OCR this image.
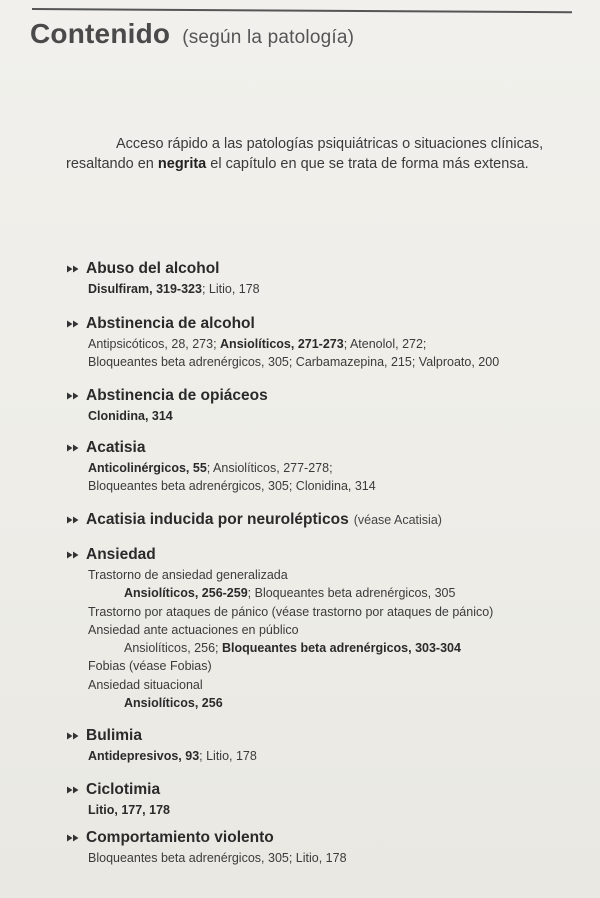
Contenido (según la patología)

Acceso rápido a las patologías psiquiátricas o situaciones clínicas,
resaltando en negrita el capítulo en que se trata de forma más extensa.

Abuso del alcohol
Disulfiram, 319-323; Litio, 178
Abstinencia de alcohol
Antipsicóticos, 28, 273; Ansiolíticos, 271-273; Atenolol, 272;
Bloqueantes beta adrenérgicos, 305; Carbamazepina, 215; Valproato, 200
Abstinencia de opiáceos
Clonidina, 314
Acatisia
Anticolinérgicos, 55; Ansiolíticos, 277-278;
Bloqueantes beta adrenérgicos, 305; Clonidina, 314
Acatisia inducida por neurolépticos (véase Acatisia)
Ansiedad
Trastorno de ansiedad generalizada
Ansiolíticos, 256-259; Bloqueantes beta adrenérgicos, 305
Trastorno por ataques de pánico (véase trastorno por ataques de pánico)
Ansiedad ante actuaciones en público
Ansiolíticos, 256; Bloqueantes beta adrenérgicos, 303-304
Fobias (véase Fobias)
Ansiedad situacional
Ansiolíticos, 256
Bulimia
Antidepresivos, 93; Litio, 178
Ciclotimia
Litio, 177, 178
Comportamiento violento
Bloqueantes beta adrenérgicos, 305; Litio, 178
